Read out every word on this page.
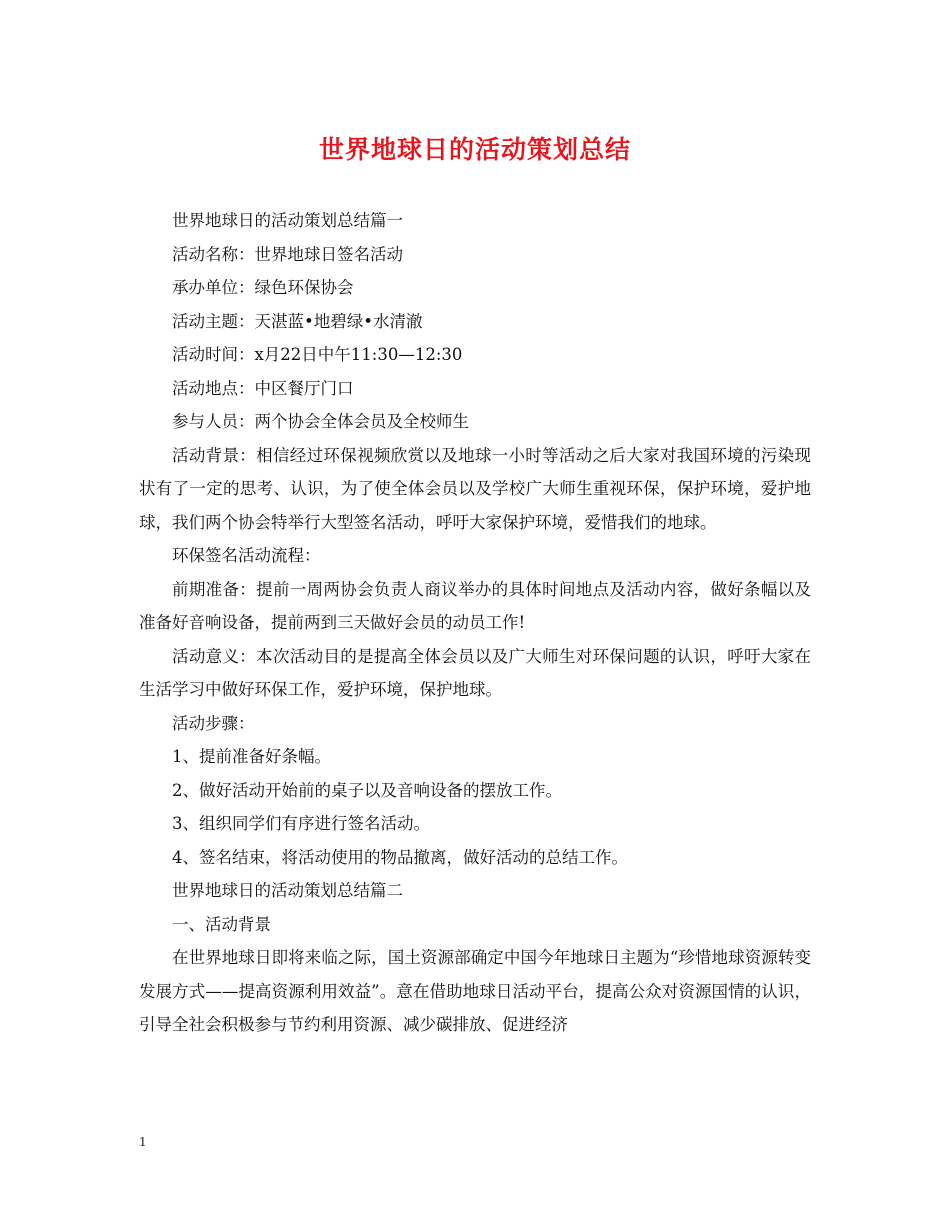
世界地球日的活动策划总结

世界地球日的活动策划总结篇一

活动名称：世界地球日签名活动

承办单位：绿色环保协会

活动主题：天湛蓝•地碧绿•水清澈

活动时间：x月22日中午11:30—12:30

活动地点：中区餐厅门口

参与人员：两个协会全体会员及全校师生

活动背景：相信经过环保视频欣赏以及地球一小时等活动之后大家对我国环境的污染现状有了一定的思考、认识，为了使全体会员以及学校广大师生重视环保，保护环境，爱护地球，我们两个协会特举行大型签名活动，呼吁大家保护环境，爱惜我们的地球。

环保签名活动流程：

前期准备：提前一周两协会负责人商议举办的具体时间地点及活动内容，做好条幅以及准备好音响设备，提前两到三天做好会员的动员工作!

活动意义：本次活动目的是提高全体会员以及广大师生对环保问题的认识，呼吁大家在生活学习中做好环保工作，爱护环境，保护地球。

活动步骤：

1、提前准备好条幅。

2、做好活动开始前的桌子以及音响设备的摆放工作。

3、组织同学们有序进行签名活动。

4、签名结束，将活动使用的物品撤离，做好活动的总结工作。

世界地球日的活动策划总结篇二

一、活动背景

在世界地球日即将来临之际，国土资源部确定中国今年地球日主题为“珍惜地球资源转变发展方式——提高资源利用效益”。意在借助地球日活动平台，提高公众对资源国情的认识，引导全社会积极参与节约利用资源、减少碳排放、促进经济

1
